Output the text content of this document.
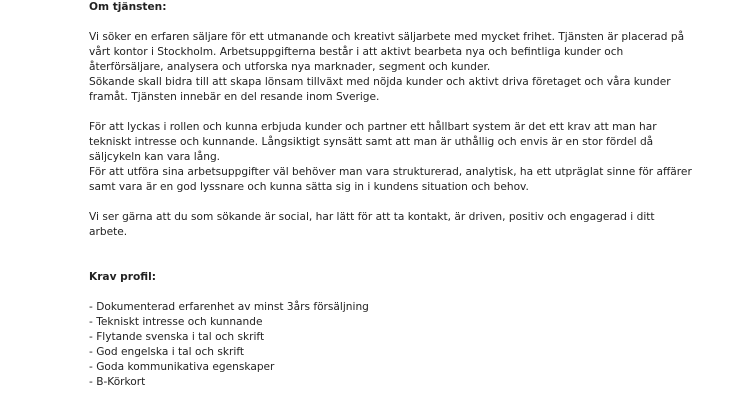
Om tjänsten:
Vi söker en erfaren säljare för ett utmanande och kreativt säljarbete med mycket frihet. Tjänsten är placerad på
vårt kontor i Stockholm. Arbetsuppgifterna består i att aktivt bearbeta nya och befintliga kunder och
återförsäljare, analysera och utforska nya marknader, segment och kunder.
Sökande skall bidra till att skapa lönsam tillväxt med nöjda kunder och aktivt driva företaget och våra kunder
framåt. Tjänsten innebär en del resande inom Sverige.
För att lyckas i rollen och kunna erbjuda kunder och partner ett hållbart system är det ett krav att man har
tekniskt intresse och kunnande. Långsiktigt synsätt samt att man är uthållig och envis är en stor fördel då
säljcykeln kan vara lång.
För att utföra sina arbetsuppgifter väl behöver man vara strukturerad, analytisk, ha ett utpräglat sinne för affärer
samt vara är en god lyssnare och kunna sätta sig in i kundens situation och behov.
Vi ser gärna att du som sökande är social, har lätt för att ta kontakt, är driven, positiv och engagerad i ditt
arbete.
Krav profil:
- Dokumenterad erfarenhet av minst 3års försäljning
- Tekniskt intresse och kunnande
- Flytande svenska i tal och skrift
- God engelska i tal och skrift
- Goda kommunikativa egenskaper
- B-Körkort
